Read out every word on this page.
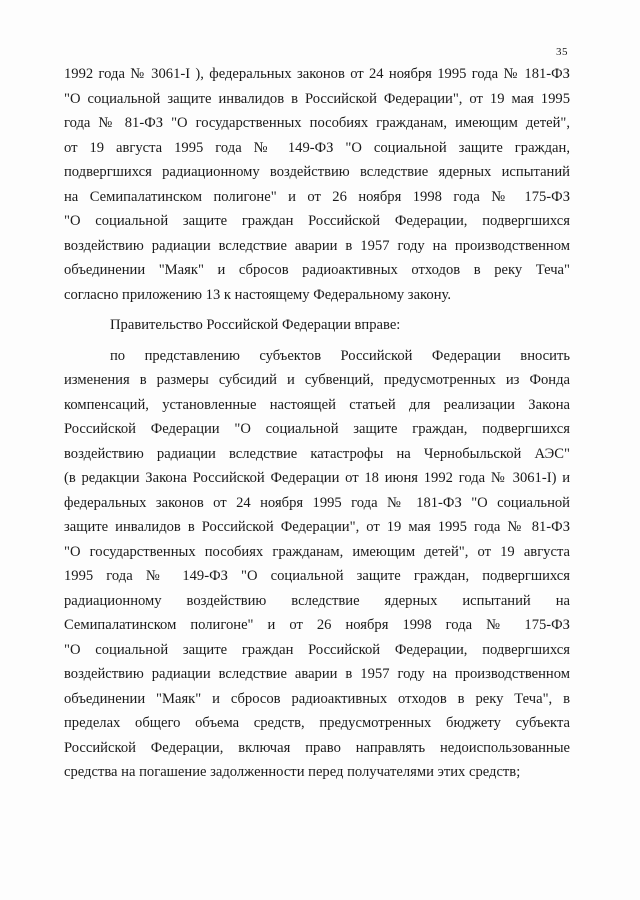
35
1992 года № 3061-I ), федеральных законов от 24 ноября 1995 года № 181-ФЗ
"О социальной защите инвалидов в Российской Федерации", от 19 мая 1995
года № 81-ФЗ "О государственных пособиях гражданам, имеющим детей",
от 19 августа 1995 года № 149-ФЗ "О социальной защите граждан,
подвергшихся радиационному воздействию вследствие ядерных испытаний
на Семипалатинском полигоне" и от 26 ноября 1998 года № 175-ФЗ
"О социальной защите граждан Российской Федерации, подвергшихся
воздействию радиации вследствие аварии в 1957 году на производственном
объединении "Маяк" и сбросов радиоактивных отходов в реку Теча"
согласно приложению 13 к настоящему Федеральному закону.
Правительство Российской Федерации вправе:
по представлению субъектов Российской Федерации вносить
изменения в размеры субсидий и субвенций, предусмотренных из Фонда
компенсаций, установленные настоящей статьей для реализации Закона
Российской Федерации "О социальной защите граждан, подвергшихся
воздействию радиации вследствие катастрофы на Чернобыльской АЭС"
(в редакции Закона Российской Федерации от 18 июня 1992 года № 3061-I) и
федеральных законов от 24 ноября 1995 года № 181-ФЗ "О социальной
защите инвалидов в Российской Федерации", от 19 мая 1995 года № 81-ФЗ
"О государственных пособиях гражданам, имеющим детей", от 19 августа
1995 года № 149-ФЗ "О социальной защите граждан, подвергшихся
радиационному воздействию вследствие ядерных испытаний на
Семипалатинском полигоне" и от 26 ноября 1998 года № 175-ФЗ
"О социальной защите граждан Российской Федерации, подвергшихся
воздействию радиации вследствие аварии в 1957 году на производственном
объединении "Маяк" и сбросов радиоактивных отходов в реку Теча", в
пределах общего объема средств, предусмотренных бюджету субъекта
Российской Федерации, включая право направлять недоиспользованные
средства на погашение задолженности перед получателями этих средств;
